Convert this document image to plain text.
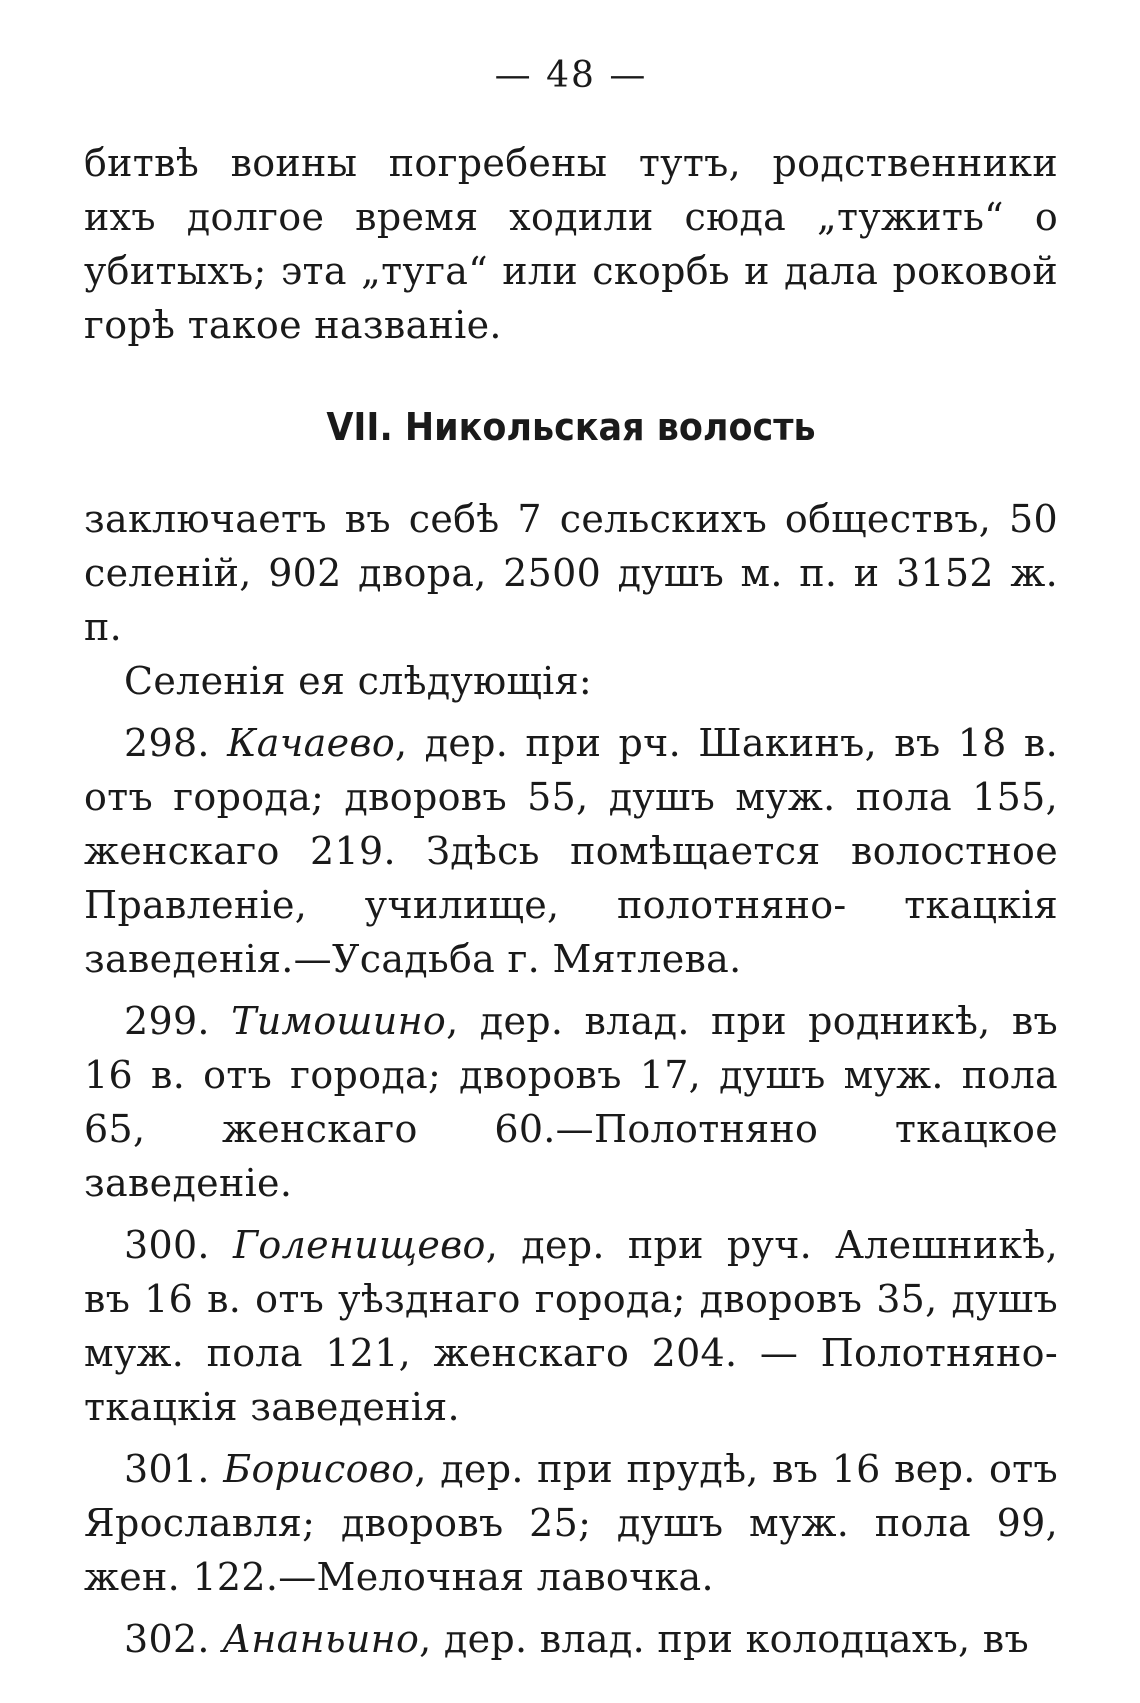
— 48 —

битвѣ воины погребены тутъ, родственники ихъ долгое время ходили сюда „тужить“ о убитыхъ; эта „туга“ или скорбь и дала роковой горѣ такое названіе.

VII. Никольская волость

заключаетъ въ себѣ 7 сельскихъ обществъ, 50 селеній, 902 двора, 2500 душъ м. п. и 3152 ж. п.

Селенія ея слѣдующія:

298. Качаево, дер. при рч. Шакинъ, въ 18 в. отъ города; дворовъ 55, душъ муж. пола 155, женскаго 219. Здѣсь помѣщается волостное Правленіе, училище, полотняно- ткацкія заведенія.—Усадьба г. Мятлева.

299. Тимошино, дер. влад. при родникѣ, въ 16 в. отъ города; дворовъ 17, душъ муж. пола 65, женскаго 60.—Полотняно ткацкое заведеніе.

300. Голенищево, дер. при руч. Алешникѣ, въ 16 в. отъ уѣзднаго города; дворовъ 35, душъ муж. пола 121, женскаго 204. — Полотняно-ткацкія заведенія.

301. Борисово, дер. при прудѣ, въ 16 вер. отъ Ярославля; дворовъ 25; душъ муж. пола 99, жен. 122.—Мелочная лавочка.

302. Ананьино, дер. влад. при колодцахъ, въ
